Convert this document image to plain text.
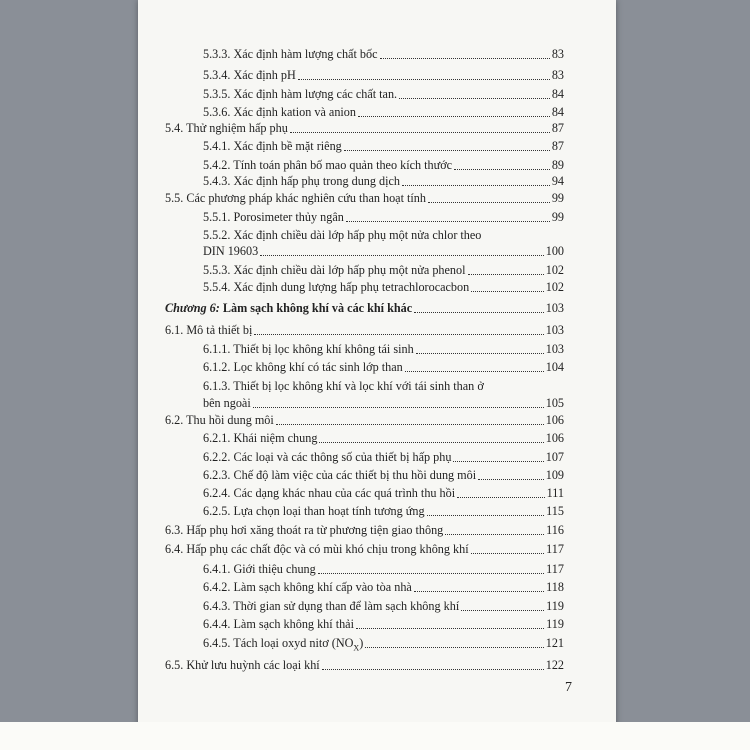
5.3.3. Xác định hàm lượng chất bốc	83
5.3.4. Xác định pH	83
5.3.5. Xác định hàm lượng các chất tan.	84
5.3.6. Xác định kation và anion	84
5.4. Thử nghiệm hấp phụ	87
5.4.1. Xác định bề mặt riêng	87
5.4.2. Tính toán phân bố mao quản theo kích thước	89
5.4.3. Xác định hấp phụ trong dung dịch	94
5.5. Các phương pháp khác nghiên cứu than hoạt tính	99
5.5.1. Porosimeter thủy ngân	99
5.5.2. Xác định chiều dài lớp hấp phụ một nửa chlor theo
DIN 19603	100
5.5.3. Xác định chiều dài lớp hấp phụ một nửa phenol	102
5.5.4. Xác định dung lượng hấp phụ tetrachlorocacbon	102
Chương 6: Làm sạch không khí và các khí khác	103
6.1. Mô tả thiết bị	103
6.1.1. Thiết bị lọc không khí không tái sinh	103
6.1.2. Lọc không khí có tác sinh lớp than	104
6.1.3. Thiết bị lọc không khí và lọc khí với tái sinh than ở
bên ngoài	105
6.2. Thu hồi dung môi	106
6.2.1. Khái niệm chung	106
6.2.2. Các loại và các thông số của thiết bị hấp phụ	107
6.2.3. Chế độ làm việc của các thiết bị thu hồi dung môi	109
6.2.4. Các dạng khác nhau của các quá trình thu hồi	111
6.2.5. Lựa chọn loại than hoạt tính tương ứng	115
6.3. Hấp phụ hơi xăng thoát ra từ phương tiện giao thông	116
6.4. Hấp phụ các chất độc và có mùi khó chịu trong không khí	117
6.4.1. Giới thiệu chung	117
6.4.2. Làm sạch không khí cấp vào tòa nhà	118
6.4.3. Thời gian sử dụng than để làm sạch không khí	119
6.4.4. Làm sạch không khí thải	119
6.4.5. Tách loại oxyd nitơ $(NO_X)$	121
6.5. Khử lưu huỳnh các loại khí	122
7
